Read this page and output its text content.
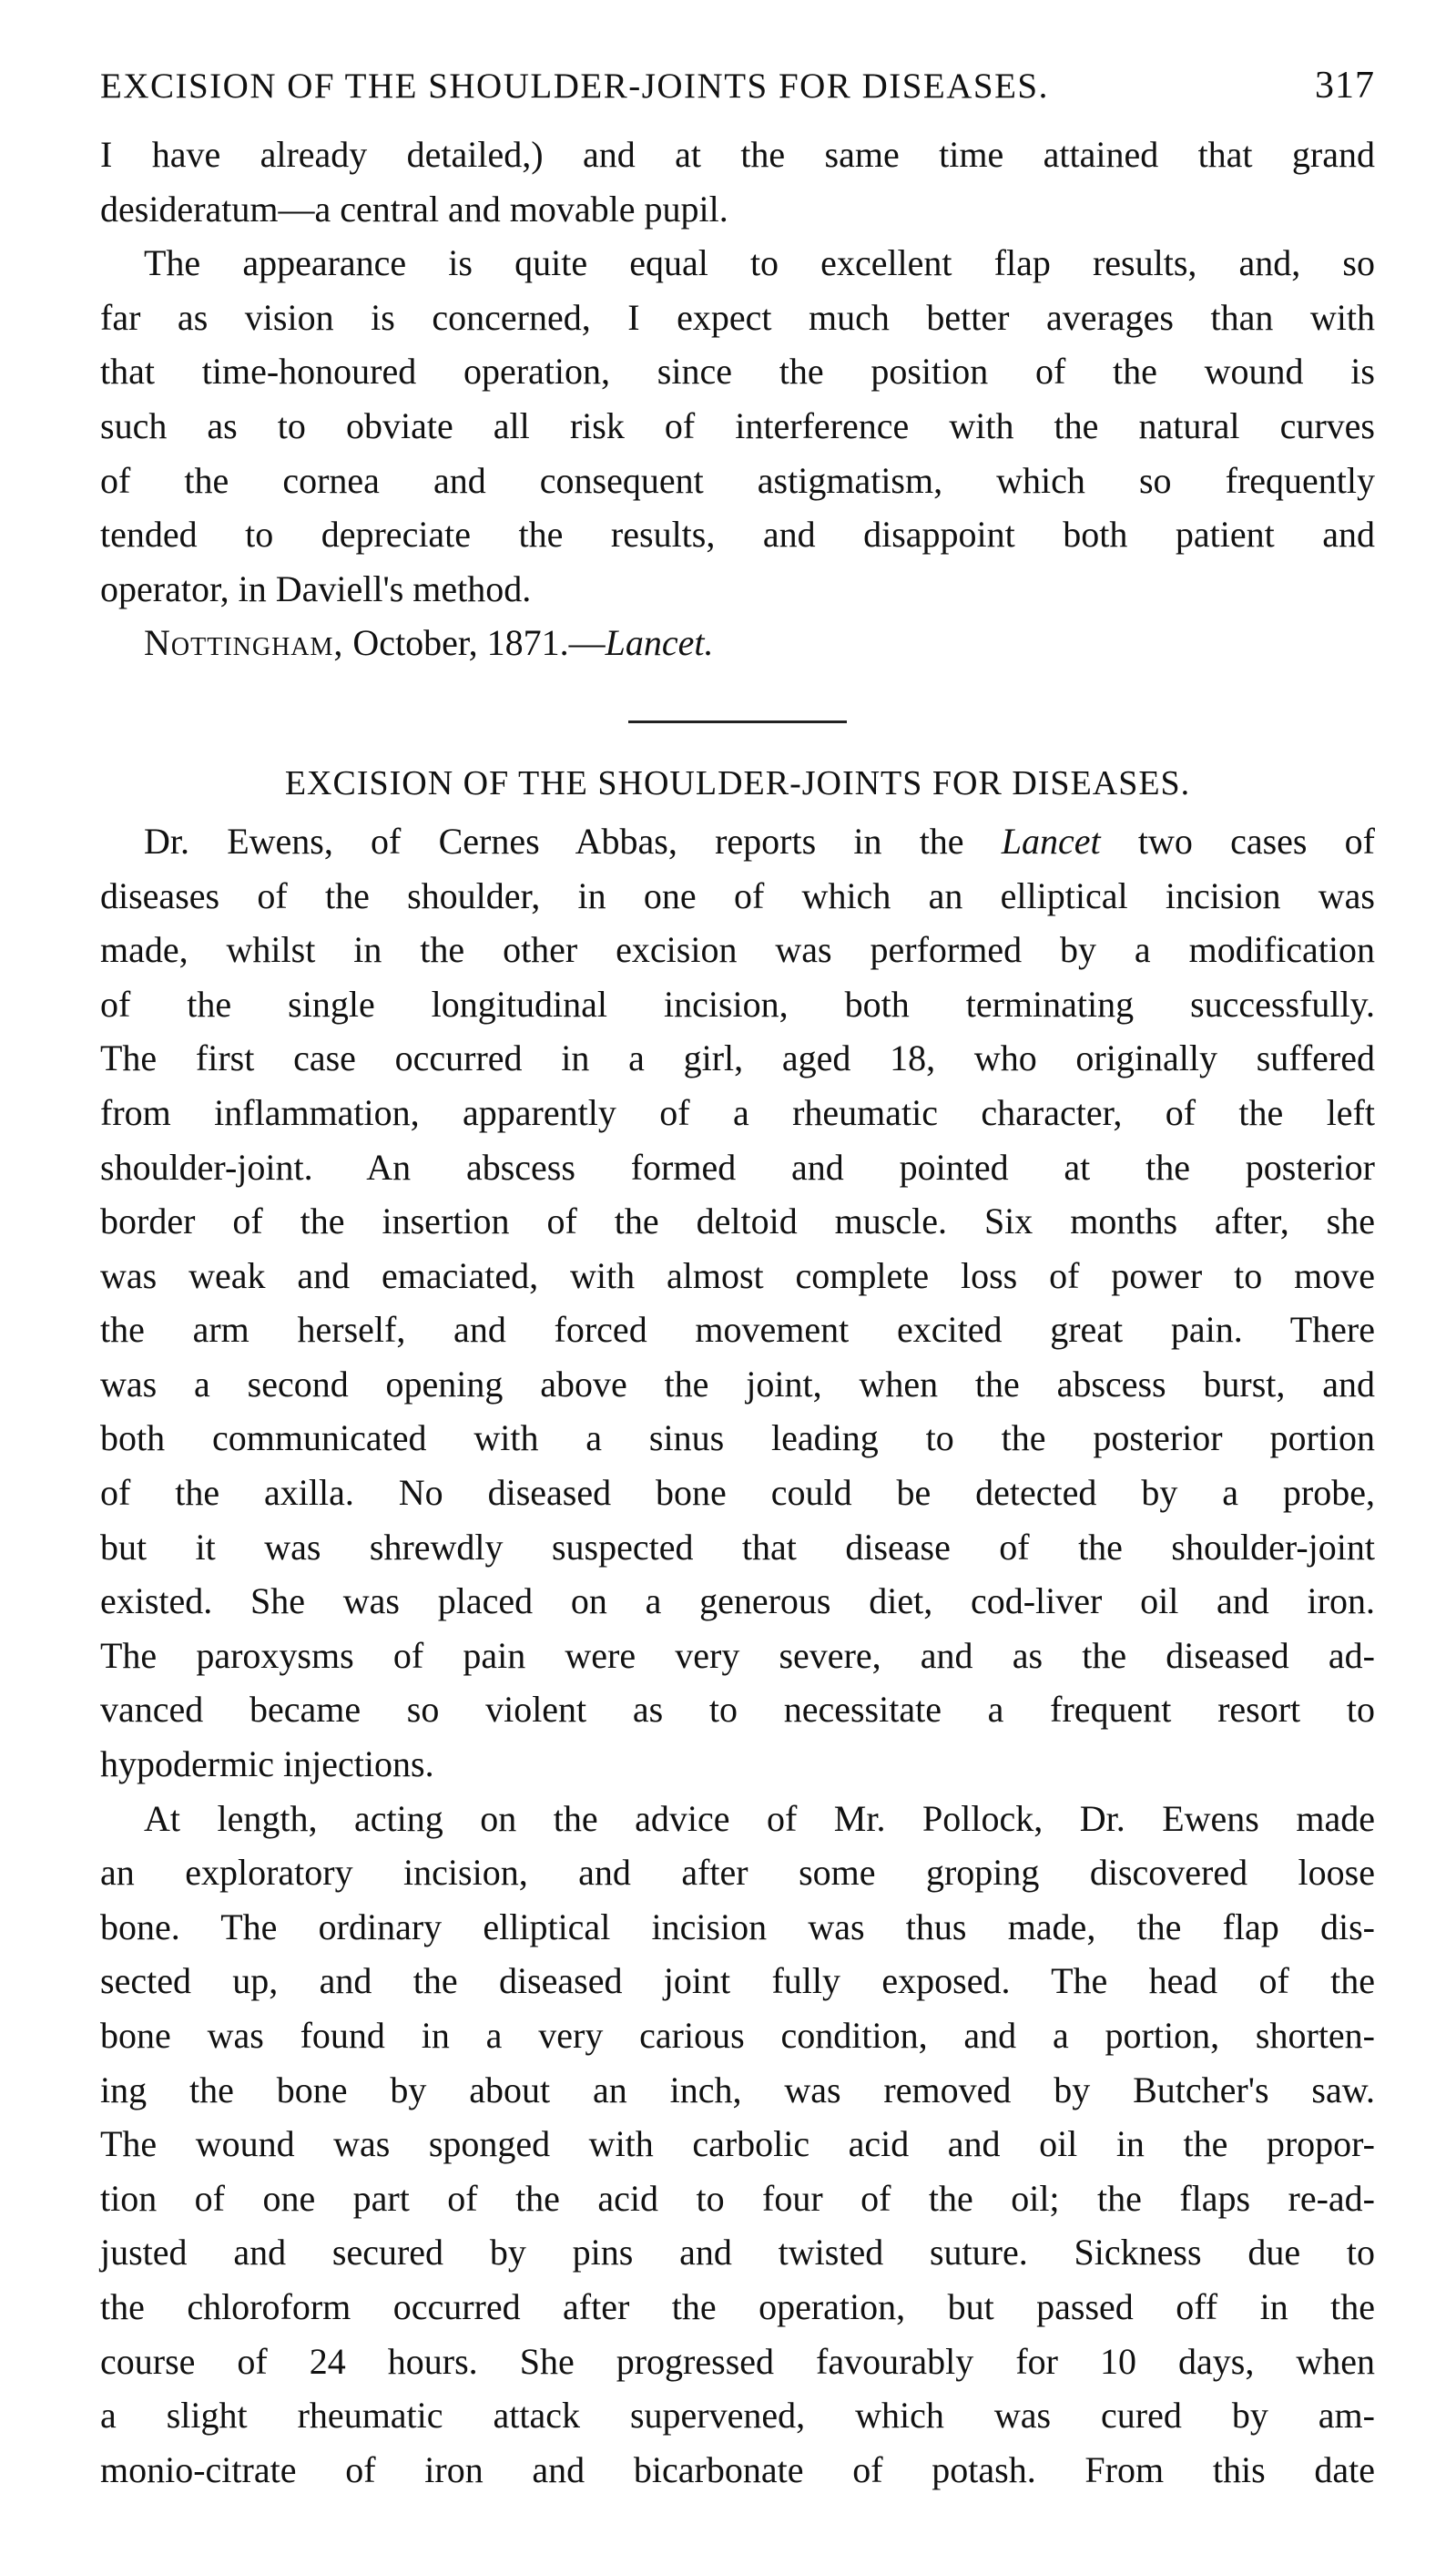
EXCISION OF THE SHOULDER-JOINTS FOR DISEASES.	317
I have already detailed,) and at the same time attained that grand
desideratum—a central and movable pupil.
The appearance is quite equal to excellent flap results, and, so
far as vision is concerned, I expect much better averages than with
that time-honoured operation, since the position of the wound is
such as to obviate all risk of interference with the natural curves
of the cornea and consequent astigmatism, which so frequently
tended to depreciate the results, and disappoint both patient and
operator, in Daviell's method.
Nottingham, October, 1871.—Lancet.
EXCISION OF THE SHOULDER-JOINTS FOR DISEASES.
Dr. Ewens, of Cernes Abbas, reports in the Lancet two cases of
diseases of the shoulder, in one of which an elliptical incision was
made, whilst in the other excision was performed by a modification
of the single longitudinal incision, both terminating successfully.
The first case occurred in a girl, aged 18, who originally suffered
from inflammation, apparently of a rheumatic character, of the left
shoulder-joint. An abscess formed and pointed at the posterior
border of the insertion of the deltoid muscle. Six months after, she
was weak and emaciated, with almost complete loss of power to move
the arm herself, and forced movement excited great pain. There
was a second opening above the joint, when the abscess burst, and
both communicated with a sinus leading to the posterior portion
of the axilla. No diseased bone could be detected by a probe,
but it was shrewdly suspected that disease of the shoulder-joint
existed. She was placed on a generous diet, cod-liver oil and iron.
The paroxysms of pain were very severe, and as the diseased ad-
vanced became so violent as to necessitate a frequent resort to
hypodermic injections.
At length, acting on the advice of Mr. Pollock, Dr. Ewens made
an exploratory incision, and after some groping discovered loose
bone. The ordinary elliptical incision was thus made, the flap dis-
sected up, and the diseased joint fully exposed. The head of the
bone was found in a very carious condition, and a portion, shorten-
ing the bone by about an inch, was removed by Butcher's saw.
The wound was sponged with carbolic acid and oil in the propor-
tion of one part of the acid to four of the oil; the flaps re-ad-
justed and secured by pins and twisted suture. Sickness due to
the chloroform occurred after the operation, but passed off in the
course of 24 hours. She progressed favourably for 10 days, when
a slight rheumatic attack supervened, which was cured by am-
monio-citrate of iron and bicarbonate of potash. From this date
